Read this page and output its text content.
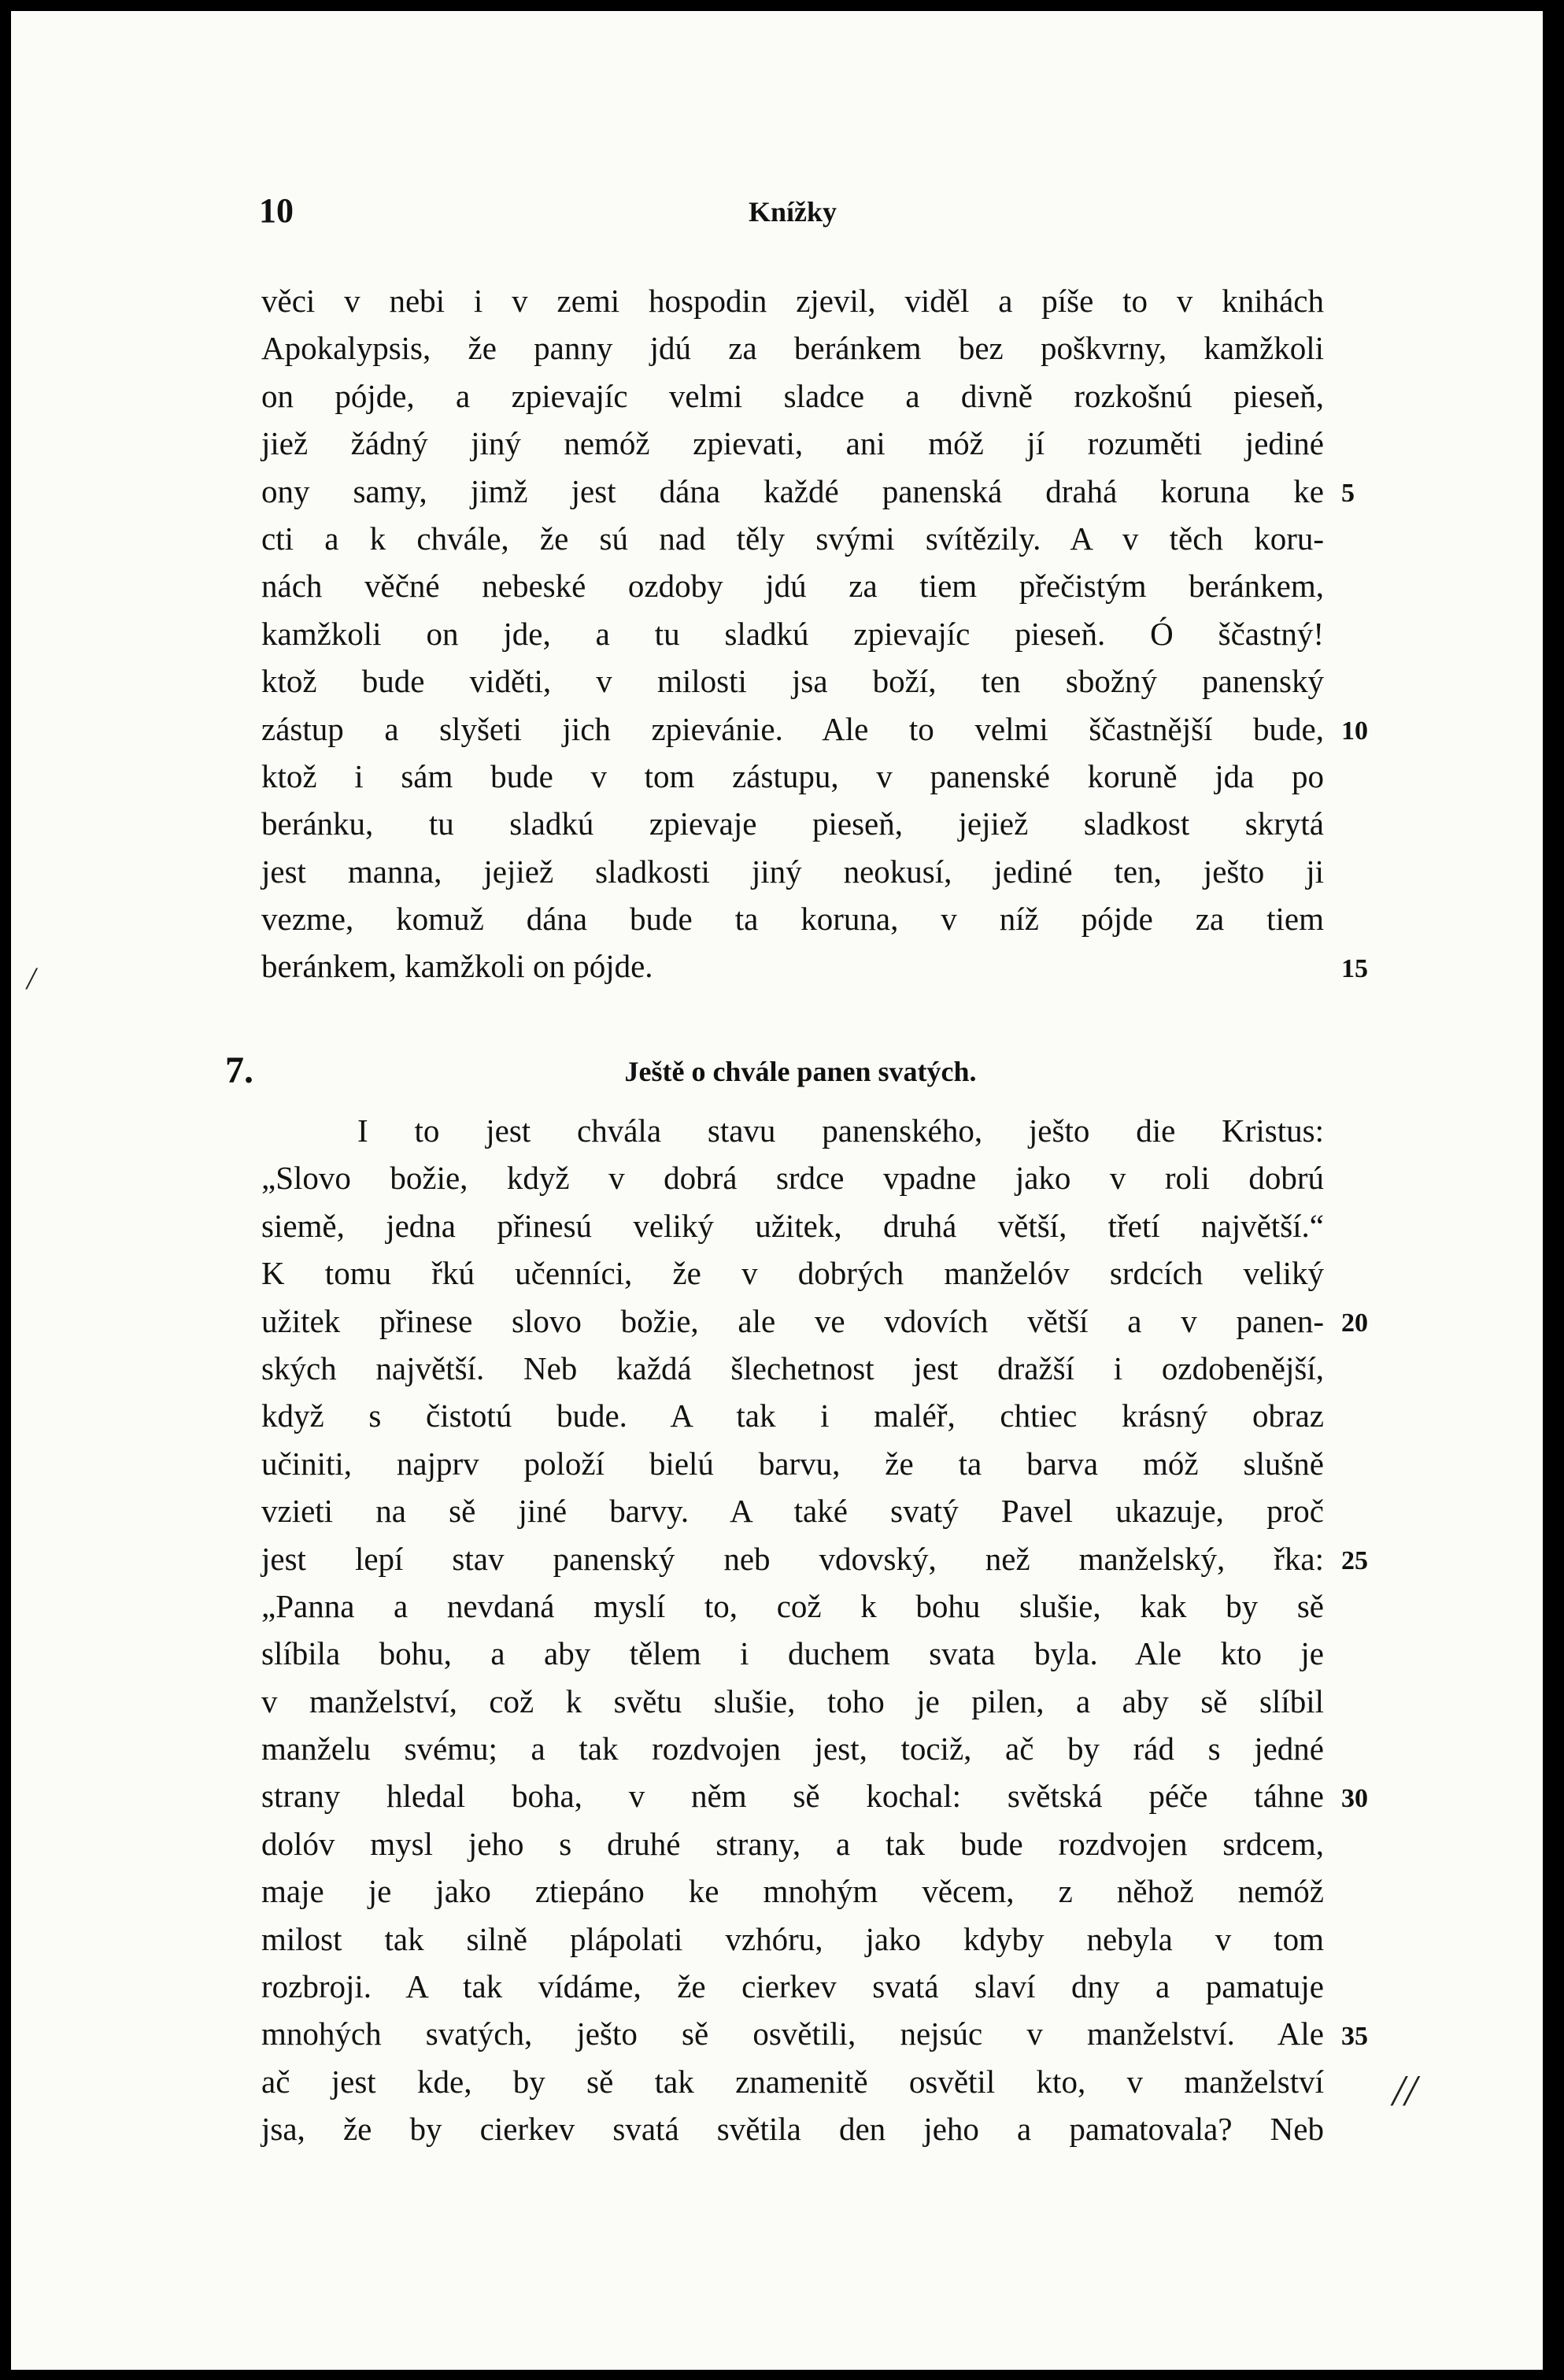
10	Knížky
věci v nebi i v zemi hospodin zjevil, viděl a píše to v knihách
Apokalypsis, že panny jdú za beránkem bez poškvrny, kamžkoli
on pójde, a zpievajíc velmi sladce a divně rozkošnú pieseň,
jiež žádný jiný nemóž zpievati, ani móž jí rozuměti jediné
ony samy, jimž jest dána každé panenská drahá koruna ke
cti a k chvále, že sú nad těly svými svítězily. A v těch koru-
nách věčné nebeské ozdoby jdú za tiem přečistým beránkem,
kamžkoli on jde, a tu sladkú zpievajíc pieseň. Ó ščastný!
ktož bude viděti, v milosti jsa boží, ten sbožný panenský
zástup a slyšeti jich zpievánie. Ale to velmi ščastnější bude,
ktož i sám bude v tom zástupu, v panenské koruně jda po
beránku, tu sladkú zpievaje pieseň, jejiež sladkost skrytá
jest manna, jejiež sladkosti jiný neokusí, jediné ten, ješto ji
vezme, komuž dána bude ta koruna, v níž pójde za tiem
beránkem, kamžkoli on pójde.
7.	Ještě o chvále panen svatých.
I to jest chvála stavu panenského, ješto die Kristus:
„Slovo božie, když v dobrá srdce vpadne jako v roli dobrú
siemě, jedna přinesú veliký užitek, druhá větší, třetí najvětší.“
K tomu řkú učenníci, že v dobrých manželóv srdcích veliký
užitek přinese slovo božie, ale ve vdovích větší a v panen-
ských najvětší. Neb každá šlechetnost jest dražší i ozdobenější,
když s čistotú bude. A tak i maléř, chtiec krásný obraz
učiniti, najprv položí bielú barvu, že ta barva móž slušně
vzieti na sě jiné barvy. A také svatý Pavel ukazuje, proč
jest lepí stav panenský neb vdovský, než manželský, řka:
„Panna a nevdaná myslí to, což k bohu slušie, kak by sě
slíbila bohu, a aby tělem i duchem svata byla. Ale kto je
v manželství, což k světu slušie, toho je pilen, a aby sě slíbil
manželu svému; a tak rozdvojen jest, tociž, ač by rád s jedné
strany hledal boha, v něm sě kochal: světská péče táhne
dolóv mysl jeho s druhé strany, a tak bude rozdvojen srdcem,
maje je jako ztiepáno ke mnohým věcem, z něhož nemóž
milost tak silně plápolati vzhóru, jako kdyby nebyla v tom
rozbroji. A tak vídáme, že cierkev svatá slaví dny a pamatuje
mnohých svatých, ješto sě osvětili, nejsúc v manželství. Ale
ač jest kde, by sě tak znamenitě osvětil kto, v manželství
jsa, že by cierkev svatá světila den jeho a pamatovala? Neb
5
10
15
20
25
30
35
/
//
